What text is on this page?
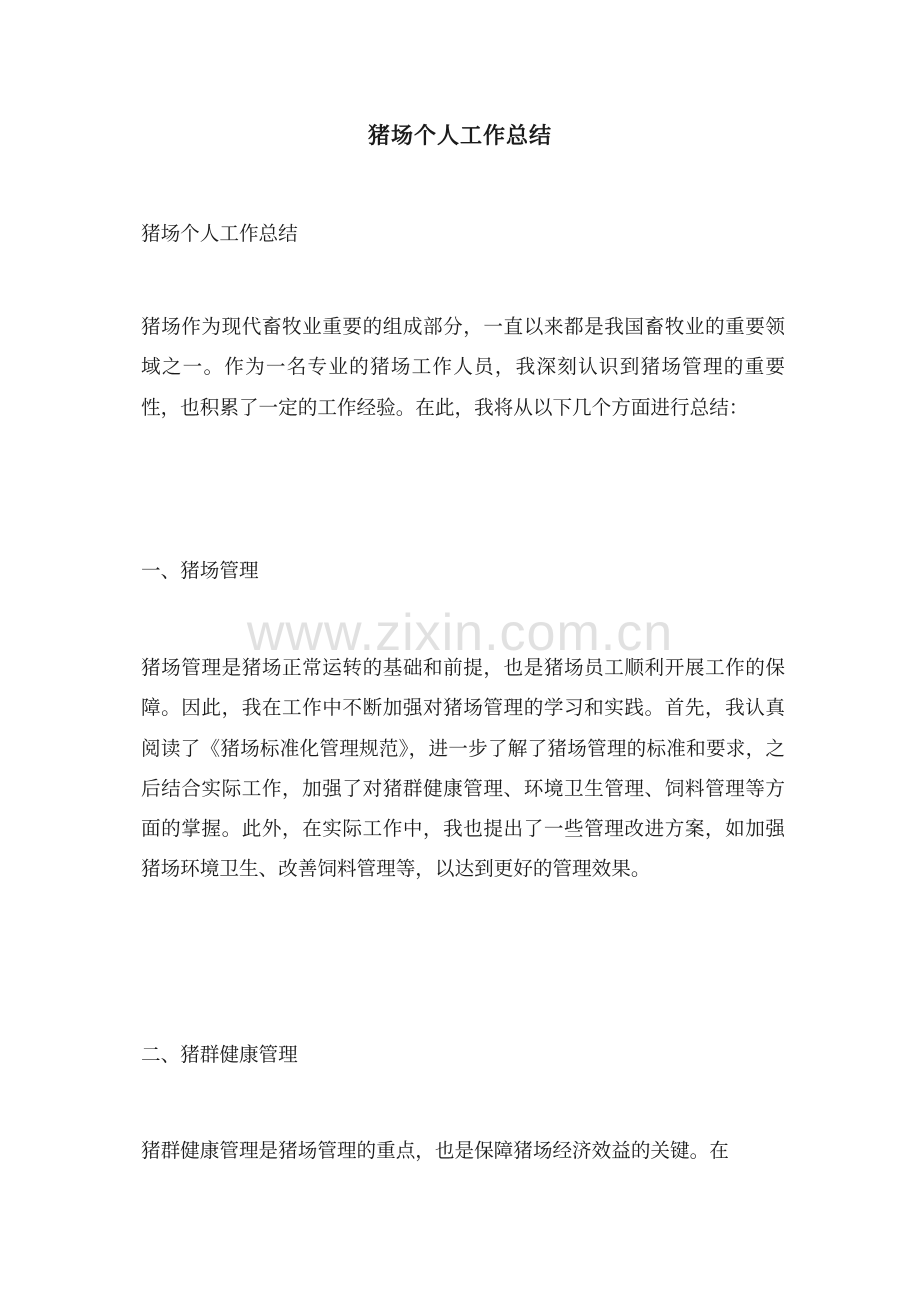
猪场个人工作总结

猪场个人工作总结

猪场作为现代畜牧业重要的组成部分，一直以来都是我国畜牧业的重要领域之一。作为一名专业的猪场工作人员，我深刻认识到猪场管理的重要性，也积累了一定的工作经验。在此，我将从以下几个方面进行总结：

一、猪场管理

猪场管理是猪场正常运转的基础和前提，也是猪场员工顺利开展工作的保障。因此，我在工作中不断加强对猪场管理的学习和实践。首先，我认真阅读了《猪场标准化管理规范》，进一步了解了猪场管理的标准和要求，之后结合实际工作，加强了对猪群健康管理、环境卫生管理、饲料管理等方面的掌握。此外，在实际工作中，我也提出了一些管理改进方案，如加强猪场环境卫生、改善饲料管理等，以达到更好的管理效果。

二、猪群健康管理

猪群健康管理是猪场管理的重点，也是保障猪场经济效益的关键。在

www.zixin.com.cn
